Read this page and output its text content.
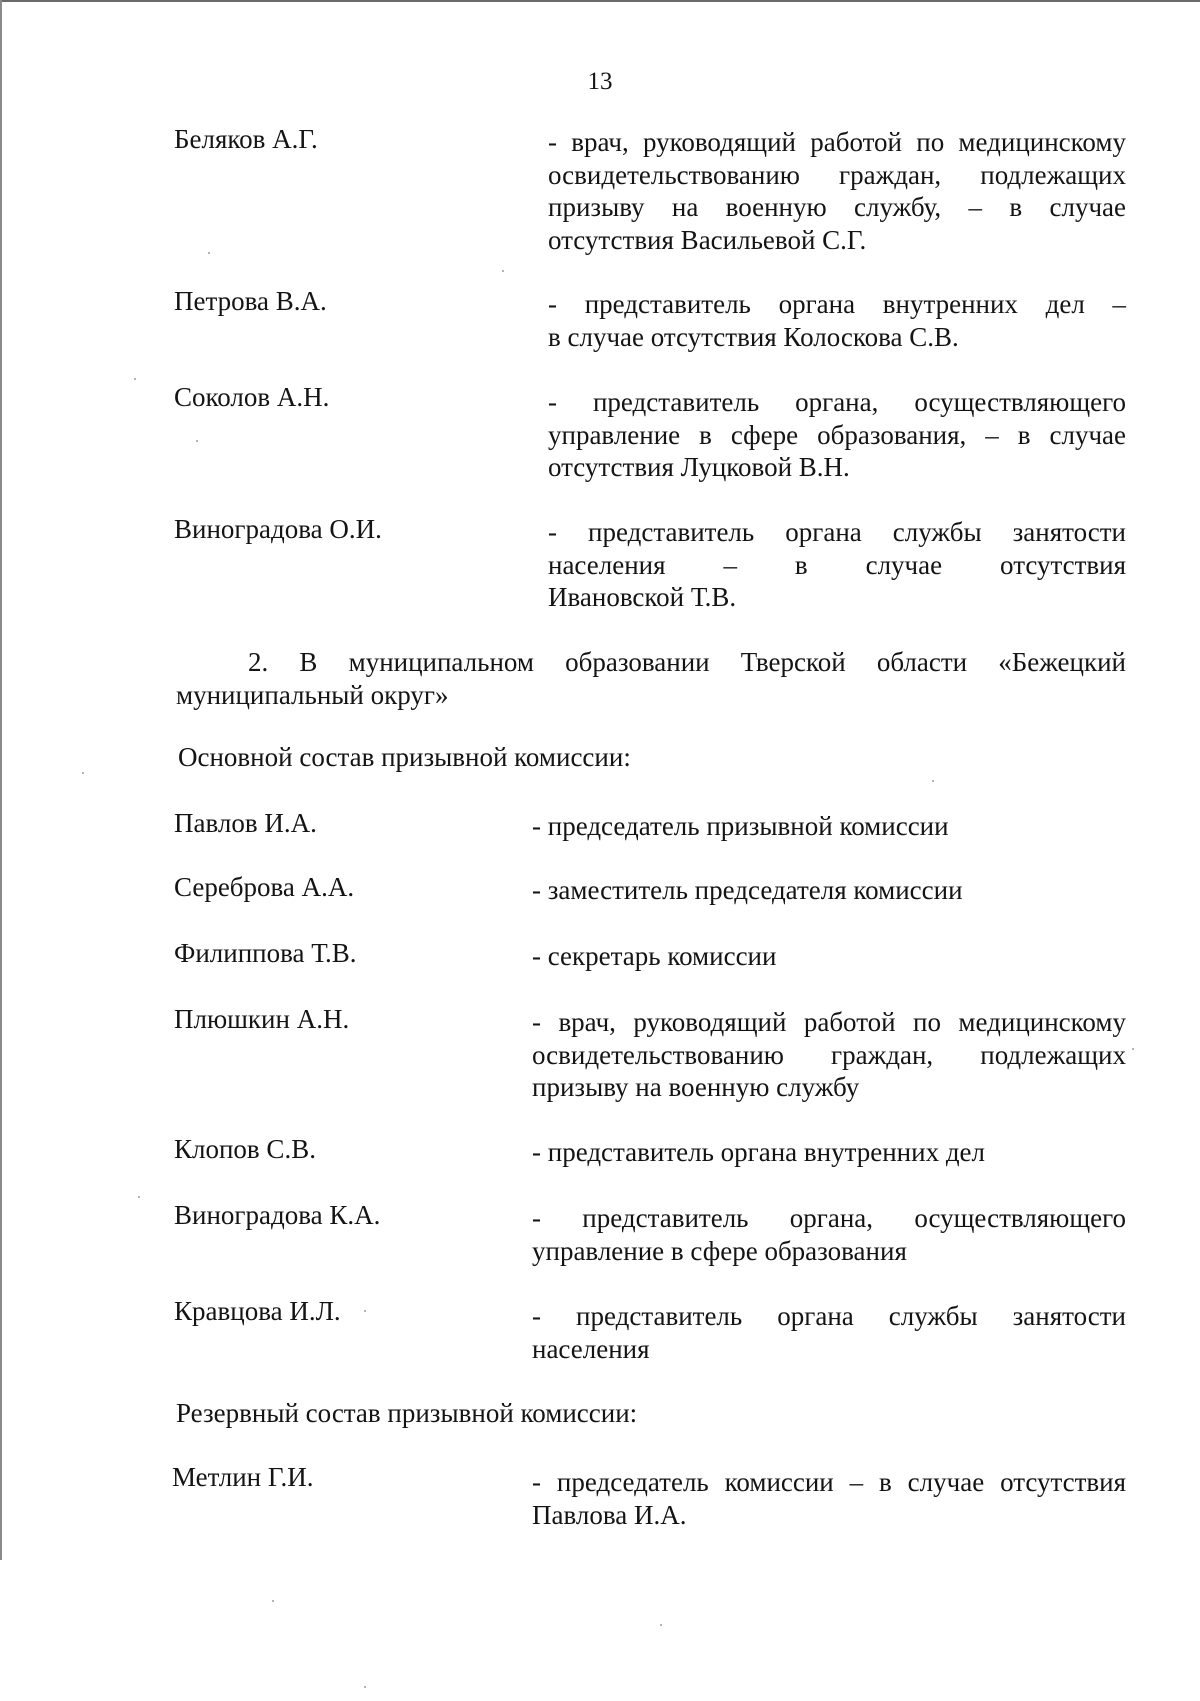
13
Беляков А.Г.	- врач, руководящий работой по медицинскому
освидетельствованию граждан, подлежащих
призыву на военную службу, – в случае
отсутствия Васильевой С.Г.
Петрова В.А.	- представитель органа внутренних дел –
в случае отсутствия Колоскова С.В.
Соколов А.Н.	- представитель органа, осуществляющего
управление в сфере образования, – в случае
отсутствия Луцковой В.Н.
Виноградова О.И.	- представитель органа службы занятости
населения – в случае отсутствия
Ивановской Т.В.
2. В муниципальном образовании Тверской области «Бежецкий
муниципальный округ»
Основной состав призывной комиссии:
Павлов И.А.	- председатель призывной комиссии
Сереброва А.А.	- заместитель председателя комиссии
Филиппова Т.В.	- секретарь комиссии
Плюшкин А.Н.	- врач, руководящий работой по медицинскому
освидетельствованию граждан, подлежащих
призыву на военную службу
Клопов С.В.	- представитель органа внутренних дел
Виноградова К.А.	- представитель органа, осуществляющего
управление в сфере образования
Кравцова И.Л.	- представитель органа службы занятости
населения
Резервный состав призывной комиссии:
Метлин Г.И.	- председатель комиссии – в случае отсутствия
Павлова И.А.
